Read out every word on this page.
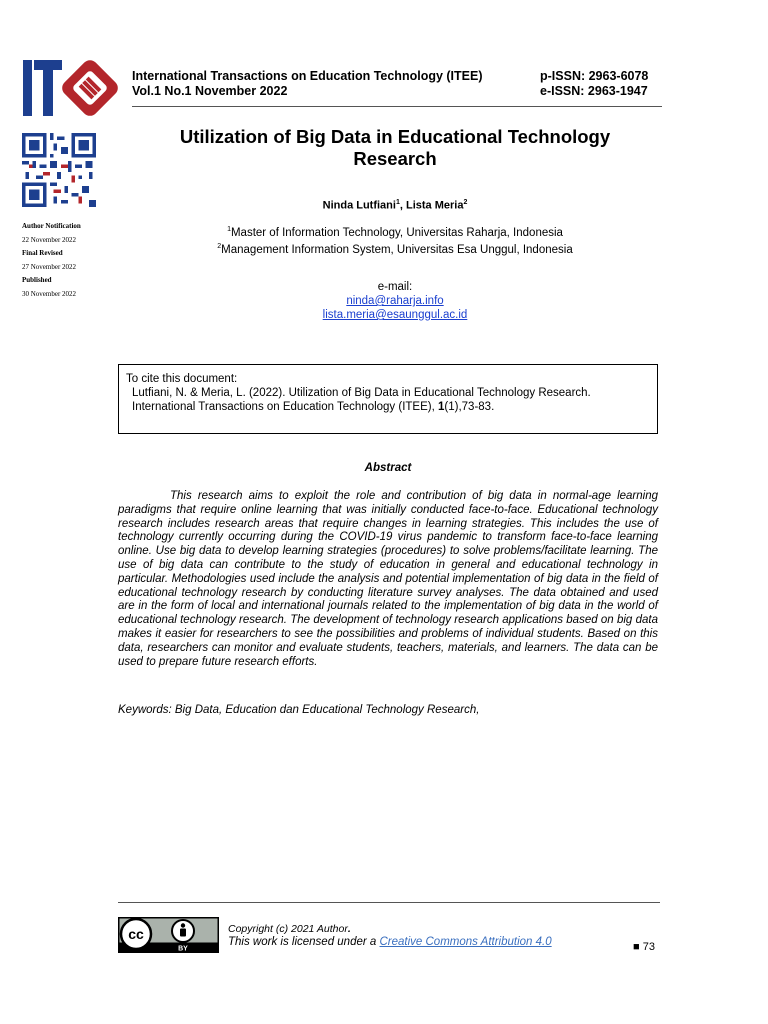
International Transactions on Education Technology (ITEE)
Vol.1 No.1 November 2022
p-ISSN: 2963-6078
e-ISSN: 2963-1947
Author Notification
22 November 2022
Final Revised
27 November 2022
Published
30 November 2022
Utilization of Big Data in Educational Technology
Research
Ninda Lutfiani$^1$, Lista Meria$^2$
$^1$Master of Information Technology, Universitas Raharja, Indonesia
$^2$Management Information System, Universitas Esa Unggul, Indonesia
e-mail:
ninda@raharja.info
lista.meria@esaunggul.ac.id
To cite this document:
Lutfiani, N. & Meria, L. (2022). Utilization of Big Data in Educational Technology Research.
International Transactions on Education Technology (ITEE), 1(1),73-83.
Abstract

This research aims to exploit the role and contribution of big data in normal-age learning paradigms that require online learning that was initially conducted face-to-face. Educational technology research includes research areas that require changes in learning strategies. This includes the use of technology currently occurring during the COVID-19 virus pandemic to transform face-to-face learning online. Use big data to develop learning strategies (procedures) to solve problems/facilitate learning. The use of big data can contribute to the study of education in general and educational technology in particular. Methodologies used include the analysis and potential implementation of big data in the field of educational technology research by conducting literature survey analyses. The data obtained and used are in the form of local and international journals related to the implementation of big data in the world of educational technology research. The development of technology research applications based on big data makes it easier for researchers to see the possibilities and problems of individual students. Based on this data, researchers can monitor and evaluate students, teachers, materials, and learners. The data can be used to prepare future research efforts.

Keywords: Big Data, Education dan Educational Technology Research,
cc
BY
Copyright (c) 2021 Author.
This work is licensed under a Creative Commons Attribution 4.0	■ 73
